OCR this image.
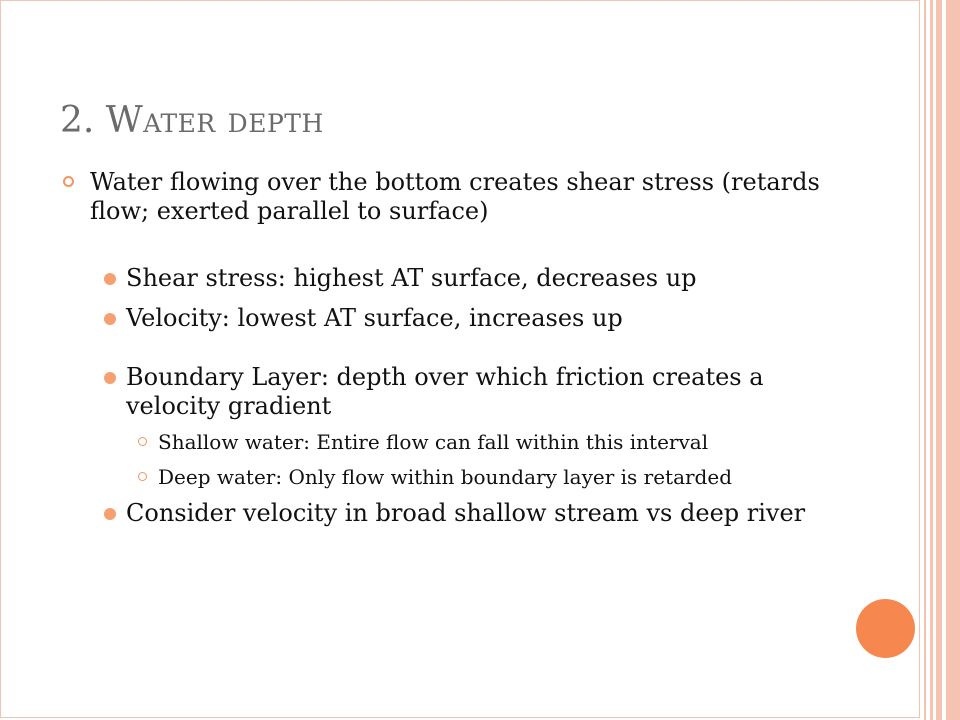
2. Water depth
Water flowing over the bottom creates shear stress (retards flow; exerted parallel to surface)
Shear stress: highest AT surface, decreases up
Velocity: lowest AT surface, increases up
Boundary Layer: depth over which friction creates a velocity gradient
Shallow water: Entire flow can fall within this interval
Deep water: Only flow within boundary layer is retarded
Consider velocity in broad shallow stream vs deep river
